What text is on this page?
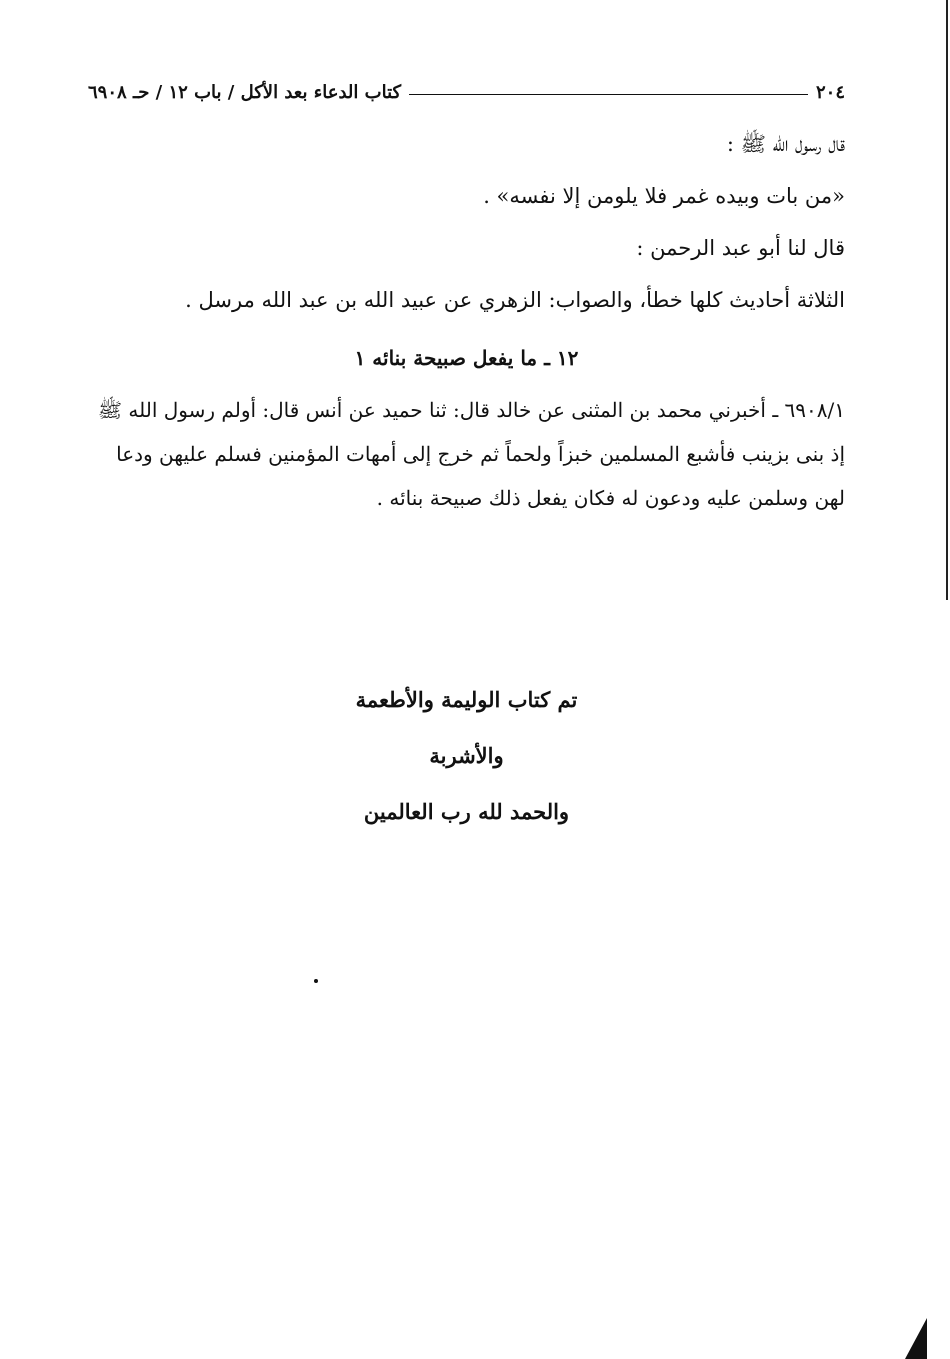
٢٠٤
كتاب الدعاء بعد الأكل / باب ١٢ / حـ ٦٩٠٨

قال رسول الله ﷺ :

«من بات وبيده غمر فلا يلومن إلا نفسه» .

قال لنا أبو عبد الرحمن :

الثلاثة أحاديث كلها خطأ، والصواب: الزهري عن عبيد الله بن عبد الله مرسل .

١٢ ـ ما يفعل صبيحة بنائه ١

٦٩٠٨/١ ـ أخبرني محمد بن المثنى عن خالد قال: ثنا حميد عن أنس قال: أولم رسول الله ﷺ إذ بنى بزينب فأشبع المسلمين خبزاً ولحماً ثم خرج إلى أمهات المؤمنين فسلم عليهن ودعا لهن وسلمن عليه ودعون له فكان يفعل ذلك صبيحة بنائه .

تم كتاب الوليمة والأطعمة

والأشربة

والحمد لله رب العالمين
